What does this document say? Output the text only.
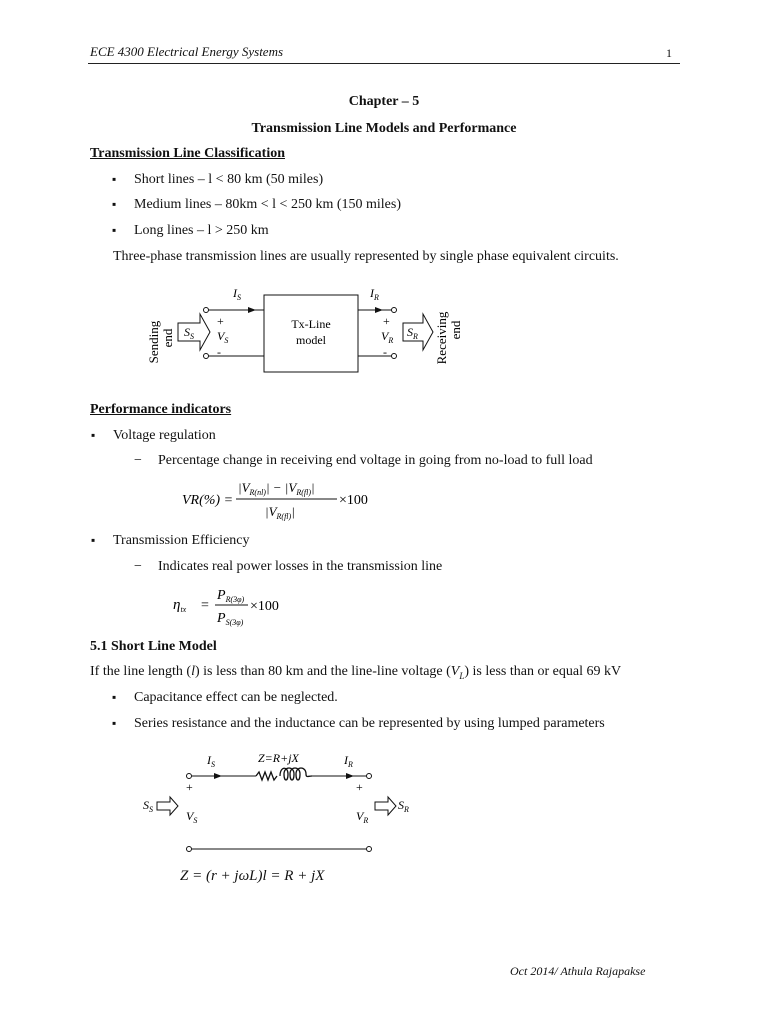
ECE 4300 Electrical Energy Systems	1
Chapter – 5
Transmission Line Models and Performance
Transmission Line Classification
▪ Short lines – l < 80 km (50 miles)
▪ Medium lines – 80km < l < 250 km (150 miles)
▪ Long lines – l > 250 km
Three-phase transmission lines are usually represented by single phase equivalent circuits.
Sending end $S_S$
$I_S$
+
$V_S$
-
Tx-Line
model
$I_R$
+
$V_R$
-
$S_R$ Receiving end
Performance indicators
▪ Voltage regulation
− Percentage change in receiving end voltage in going from no-load to full load
VR(%) =
$|V_{R(nl)}| - |V_{R(fl)}|$
$|V_{R(fl)}|$
×100
▪ Transmission Efficiency
− Indicates real power losses in the transmission line
$\eta_{tx}$ =
$P_{R(3\varphi)}$
$P_{S(3\varphi)}$
×100
5.1 Short Line Model
If the line length (l) is less than 80 km and the line-line voltage $(V_L)$ is less than or equal 69 kV
▪ Capacitance effect can be neglected.
▪ Series resistance and the inductance can be represented by using lumped parameters
$I_S$	Z=R+jX	$I_R$
+	+
$S_S$	$V_S$
$S_R$
$V_R$
Z = (r + jωL)l = R + jX
Oct 2014/ Athula Rajapakse
